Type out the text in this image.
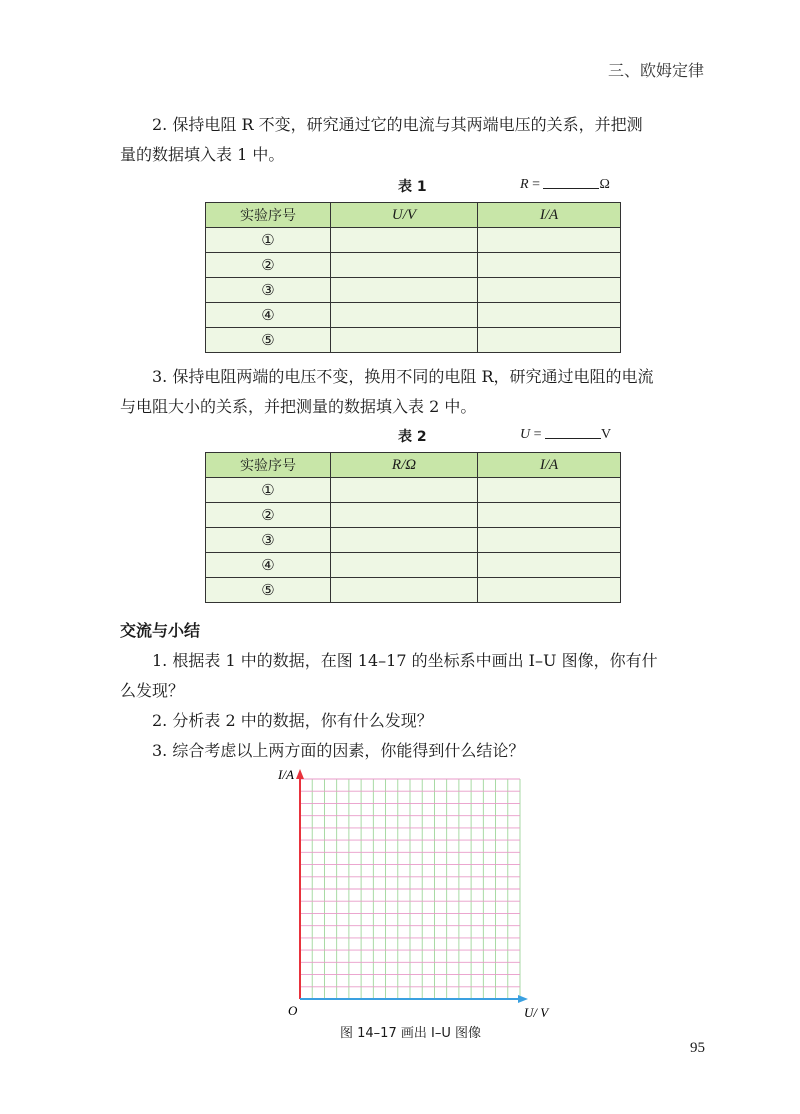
三、欧姆定律

2. 保持电阻 R 不变，研究通过它的电流与其两端电压的关系，并把测

量的数据填入表 1 中。

表 1	R =	Ω
实验序号	U/V	I/A
①		
②		
③		
④		
⑤		

3. 保持电阻两端的电压不变，换用不同的电阻 R，研究通过电阻的电流

与电阻大小的关系，并把测量的数据填入表 2 中。

表 2	U =	V
实验序号	R/Ω	I/A
①		
②		
③		
④		
⑤		
交流与小结

1. 根据表 1 中的数据，在图 14–17 的坐标系中画出 I–U 图像，你有什

么发现？

2. 分析表 2 中的数据，你有什么发现？

3. 综合考虑以上两方面的因素，你能得到什么结论？

I/A
U/ V
O
图 14–17 画出 I–U 图像
95
